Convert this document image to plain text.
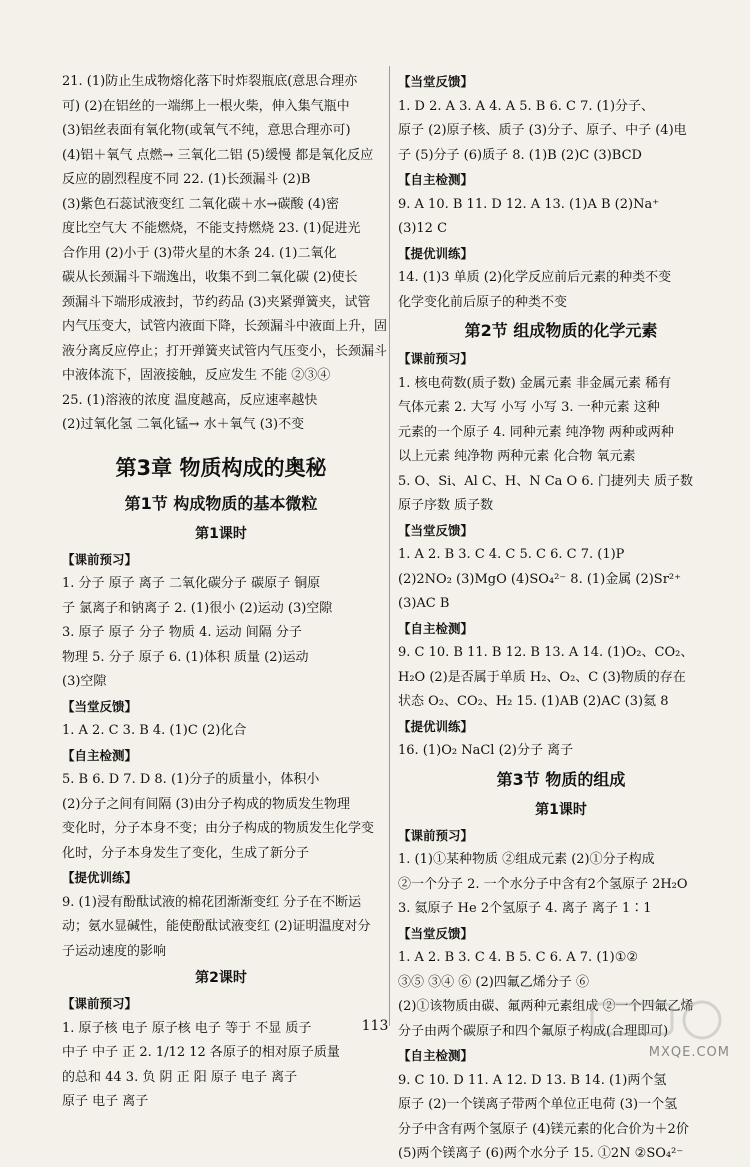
21. (1)防止生成物熔化落下时炸裂瓶底(意思合理亦

可) (2)在铝丝的一端绑上一根火柴，伸入集气瓶中

(3)铝丝表面有氧化物(或氧气不纯，意思合理亦可)

(4)铝＋氧气 点燃→ 三氧化二铝 (5)缓慢 都是氧化反应

反应的剧烈程度不同 22. (1)长颈漏斗 (2)B

(3)紫色石蕊试液变红 二氧化碳＋水→碳酸 (4)密

度比空气大 不能燃烧，不能支持燃烧 23. (1)促进光

合作用 (2)小于 (3)带火星的木条 24. (1)二氧化

碳从长颈漏斗下端逸出，收集不到二氧化碳 (2)使长

颈漏斗下端形成液封，节约药品 (3)夹紧弹簧夹，试管

内气压变大，试管内液面下降，长颈漏斗中液面上升，固

液分离反应停止；打开弹簧夹试管内气压变小，长颈漏斗

中液体流下，固液接触，反应发生 不能 ②③④

25. (1)溶液的浓度 温度越高，反应速率越快

(2)过氧化氢 二氧化锰→ 水＋氧气 (3)不变

第3章 物质构成的奥秘
第1节 构成物质的基本微粒
第1课时

【课前预习】

1. 分子 原子 离子 二氧化碳分子 碳原子 铜原

子 氯离子和钠离子 2. (1)很小 (2)运动 (3)空隙

3. 原子 原子 分子 物质 4. 运动 间隔 分子

物理 5. 分子 原子 6. (1)体积 质量 (2)运动

(3)空隙

【当堂反馈】

1. A 2. C 3. B 4. (1)C (2)化合

【自主检测】

5. B 6. D 7. D 8. (1)分子的质量小，体积小

(2)分子之间有间隔 (3)由分子构成的物质发生物理

变化时，分子本身不变；由分子构成的物质发生化学变

化时，分子本身发生了变化，生成了新分子

【提优训练】

9. (1)浸有酚酞试液的棉花团渐渐变红 分子在不断运

动；氨水显碱性，能使酚酞试液变红 (2)证明温度对分

子运动速度的影响

第2课时

【课前预习】

1. 原子核 电子 原子核 电子 等于 不显 质子

中子 中子 正 2. 1/12 12 各原子的相对原子质量

的总和 44 3. 负 阴 正 阳 原子 电子 离子

原子 电子 离子

【当堂反馈】

1. D 2. A 3. A 4. A 5. B 6. C 7. (1)分子、

原子 (2)原子核、质子 (3)分子、原子、中子 (4)电

子 (5)分子 (6)质子 8. (1)B (2)C (3)BCD

【自主检测】

9. A 10. B 11. D 12. A 13. (1)A B (2)Na⁺

(3)12 C

【提优训练】

14. (1)3 单质 (2)化学反应前后元素的种类不变

化学变化前后原子的种类不变

第2节 组成物质的化学元素

【课前预习】

1. 核电荷数(质子数) 金属元素 非金属元素 稀有

气体元素 2. 大写 小写 小写 3. 一种元素 这种

元素的一个原子 4. 同种元素 纯净物 两种或两种

以上元素 纯净物 两种元素 化合物 氧元素

5. O、Si、Al C、H、N Ca O 6. 门捷列夫 质子数

原子序数 质子数

【当堂反馈】

1. A 2. B 3. C 4. C 5. C 6. C 7. (1)P

(2)2NO₂ (3)MgO (4)SO₄²⁻ 8. (1)金属 (2)Sr²⁺

(3)AC B

【自主检测】

9. C 10. B 11. B 12. B 13. A 14. (1)O₂、CO₂、

H₂O (2)是否属于单质 H₂、O₂、C (3)物质的存在

状态 O₂、CO₂、H₂ 15. (1)AB (2)AC (3)氦 8

【提优训练】

16. (1)O₂ NaCl (2)分子 离子

第3节 物质的组成
第1课时

【课前预习】

1. (1)①某种物质 ②组成元素 (2)①分子构成

②一个分子 2. 一个水分子中含有2个氢原子 2H₂O

3. 氦原子 He 2个氢原子 4. 离子 离子 1∶1

【当堂反馈】

1. A 2. B 3. C 4. B 5. C 6. A 7. (1)①②

③⑤ ③④ ⑥ (2)四氟乙烯分子 ⑥

(2)①该物质由碳、氟两种元素组成 ②一个四氟乙烯

分子由两个碳原子和四个氟原子构成(合理即可)

【自主检测】

9. C 10. D 11. A 12. D 13. B 14. (1)两个氢

原子 (2)一个镁离子带两个单位正电荷 (3)一个氢

分子中含有两个氢原子 (4)镁元素的化合价为＋2价

(5)两个镁离子 (6)两个水分子 15. ①2N ②SO₄²⁻

113
MXQE.COM
